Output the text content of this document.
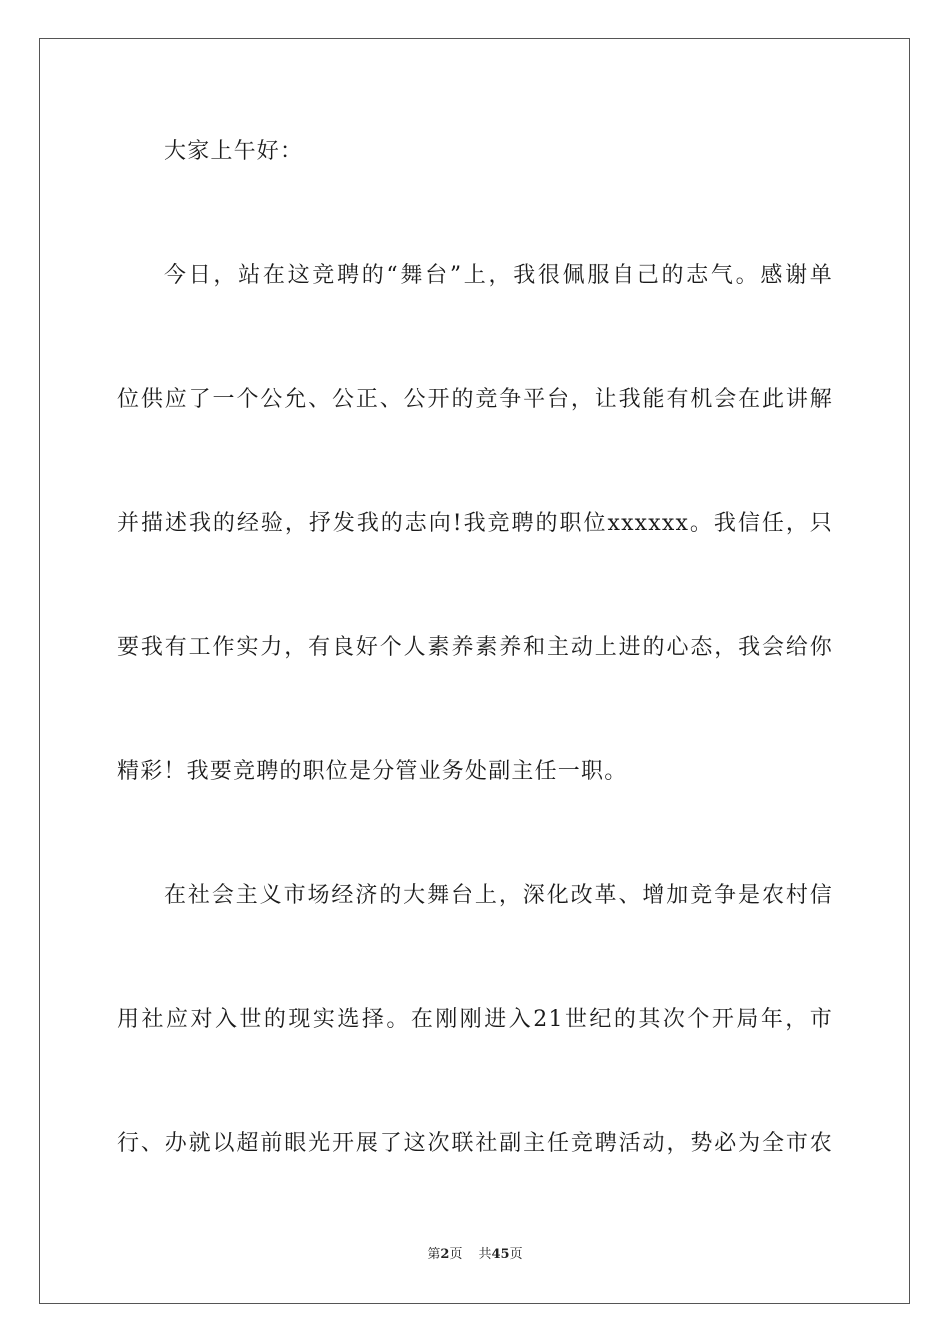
大家上午好：
今日，站在这竞聘的“舞台”上，我很佩服自己的志气。感谢单
位供应了一个公允、公正、公开的竞争平台，让我能有机会在此讲解
并描述我的经验，抒发我的志向!我竞聘的职位xxxxxx。我信任，只
要我有工作实力，有良好个人素养素养和主动上进的心态，我会给你
精彩！我要竞聘的职位是分管业务处副主任一职。
在社会主义市场经济的大舞台上，深化改革、增加竞争是农村信
用社应对入世的现实选择。在刚刚进入21世纪的其次个开局年，市
行、办就以超前眼光开展了这次联社副主任竞聘活动，势必为全市农
第2页 共45页
